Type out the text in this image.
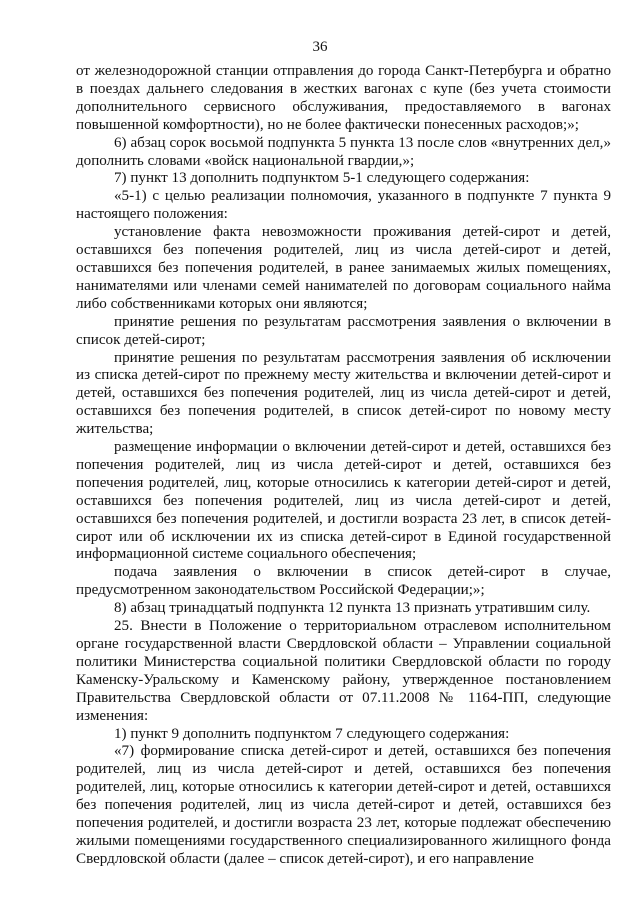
36

от железнодорожной станции отправления до города Санкт-Петербурга и обратно в поездах дальнего следования в жестких вагонах с купе (без учета стоимости дополнительного сервисного обслуживания, предоставляемого в вагонах повышенной комфортности), но не более фактически понесенных расходов;»;

6) абзац сорок восьмой подпункта 5 пункта 13 после слов «внутренних дел,» дополнить словами «войск национальной гвардии,»;

7) пункт 13 дополнить подпунктом 5-1 следующего содержания:

«5-1) с целью реализации полномочия, указанного в подпункте 7 пункта 9 настоящего положения:

установление факта невозможности проживания детей-сирот и детей, оставшихся без попечения родителей, лиц из числа детей-сирот и детей, оставшихся без попечения родителей, в ранее занимаемых жилых помещениях, нанимателями или членами семей нанимателей по договорам социального найма либо собственниками которых они являются;

принятие решения по результатам рассмотрения заявления о включении в список детей-сирот;

принятие решения по результатам рассмотрения заявления об исключении из списка детей-сирот по прежнему месту жительства и включении детей-сирот и детей, оставшихся без попечения родителей, лиц из числа детей-сирот и детей, оставшихся без попечения родителей, в список детей-сирот по новому месту жительства;

размещение информации о включении детей-сирот и детей, оставшихся без попечения родителей, лиц из числа детей-сирот и детей, оставшихся без попечения родителей, лиц, которые относились к категории детей-сирот и детей, оставшихся без попечения родителей, лиц из числа детей-сирот и детей, оставшихся без попечения родителей, и достигли возраста 23 лет, в список детей-сирот или об исключении их из списка детей-сирот в Единой государственной информационной системе социального обеспечения;

подача заявления о включении в список детей-сирот в случае, предусмотренном законодательством Российской Федерации;»;

8) абзац тринадцатый подпункта 12 пункта 13 признать утратившим силу.

25. Внести в Положение о территориальном отраслевом исполнительном органе государственной власти Свердловской области – Управлении социальной политики Министерства социальной политики Свердловской области по городу Каменску-Уральскому и Каменскому району, утвержденное постановлением Правительства Свердловской области от 07.11.2008 № 1164-ПП, следующие изменения:

1) пункт 9 дополнить подпунктом 7 следующего содержания:

«7) формирование списка детей-сирот и детей, оставшихся без попечения родителей, лиц из числа детей-сирот и детей, оставшихся без попечения родителей, лиц, которые относились к категории детей-сирот и детей, оставшихся без попечения родителей, лиц из числа детей-сирот и детей, оставшихся без попечения родителей, и достигли возраста 23 лет, которые подлежат обеспечению жилыми помещениями государственного специализированного жилищного фонда Свердловской области (далее – список детей-сирот), и его направление
